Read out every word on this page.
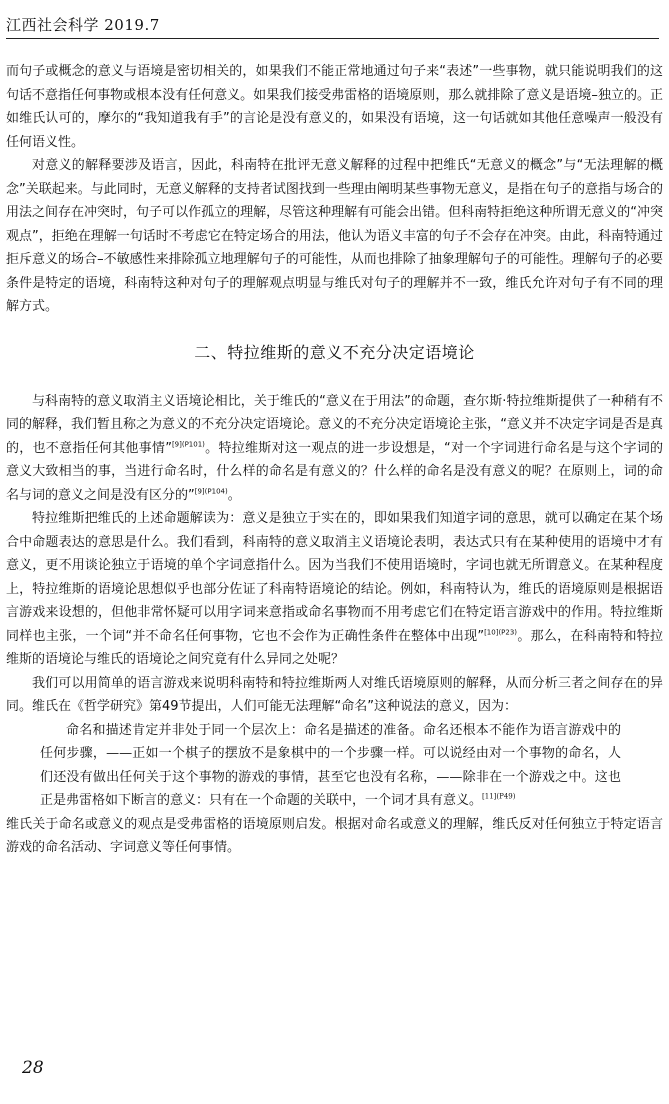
江西社会科学 2019.7

而句子或概念的意义与语境是密切相关的，如果我们不能正常地通过句子来“表述”一些事物，就只能说明我们的这句话不意指任何事物或根本没有任何意义。如果我们接受弗雷格的语境原则，那么就排除了意义是语境–独立的。正如维氏认可的，摩尔的“我知道我有手”的言论是没有意义的，如果没有语境，这一句话就如其他任意噪声一般没有任何语义性。

对意义的解释要涉及语言，因此，科南特在批评无意义解释的过程中把维氏“无意义的概念”与“无法理解的概念”关联起来。与此同时，无意义解释的支持者试图找到一些理由阐明某些事物无意义，是指在句子的意指与场合的用法之间存在冲突时，句子可以作孤立的理解，尽管这种理解有可能会出错。但科南特拒绝这种所谓无意义的“冲突观点”，拒绝在理解一句话时不考虑它在特定场合的用法，他认为语义丰富的句子不会存在冲突。由此，科南特通过拒斥意义的场合–不敏感性来排除孤立地理解句子的可能性，从而也排除了抽象理解句子的可能性。理解句子的必要条件是特定的语境，科南特这种对句子的理解观点明显与维氏对句子的理解并不一致，维氏允许对句子有不同的理解方式。

二、特拉维斯的意义不充分决定语境论

与科南特的意义取消主义语境论相比，关于维氏的“意义在于用法”的命题，查尔斯·特拉维斯提供了一种稍有不同的解释，我们暂且称之为意义的不充分决定语境论。意义的不充分决定语境论主张，“意义并不决定字词是否是真的，也不意指任何其他事情”$^{[9](P101)}$。特拉维斯对这一观点的进一步设想是，“对一个字词进行命名是与这个字词的意义大致相当的事，当进行命名时，什么样的命名是有意义的？什么样的命名是没有意义的呢？在原则上，词的命名与词的意义之间是没有区分的”$^{[9](P104)}$。

特拉维斯把维氏的上述命题解读为：意义是独立于实在的，即如果我们知道字词的意思，就可以确定在某个场合中命题表达的意思是什么。我们看到，科南特的意义取消主义语境论表明，表达式只有在某种使用的语境中才有意义，更不用谈论独立于语境的单个字词意指什么。因为当我们不使用语境时，字词也就无所谓意义。在某种程度上，特拉维斯的语境论思想似乎也部分佐证了科南特语境论的结论。例如，科南特认为，维氏的语境原则是根据语言游戏来设想的，但他非常怀疑可以用字词来意指或命名事物而不用考虑它们在特定语言游戏中的作用。特拉维斯同样也主张，一个词“并不命名任何事物，它也不会作为正确性条件在整体中出现”$^{[10](P23)}$。那么，在科南特和特拉维斯的语境论与维氏的语境论之间究竟有什么异同之处呢？

我们可以用简单的语言游戏来说明科南特和特拉维斯两人对维氏语境原则的解释，从而分析三者之间存在的异同。维氏在《哲学研究》第49节提出，人们可能无法理解“命名”这种说法的意义，因为：

命名和描述肯定并非处于同一个层次上：命名是描述的准备。命名还根本不能作为语言游戏中的任何步骤，——正如一个棋子的摆放不是象棋中的一个步骤一样。可以说经由对一个事物的命名，人们还没有做出任何关于这个事物的游戏的事情，甚至它也没有名称，——除非在一个游戏之中。这也正是弗雷格如下断言的意义：只有在一个命题的关联中，一个词才具有意义。$^{[11](P49)}$

维氏关于命名或意义的观点是受弗雷格的语境原则启发。根据对命名或意义的理解，维氏反对任何独立于特定语言游戏的命名活动、字词意义等任何事情。

28
